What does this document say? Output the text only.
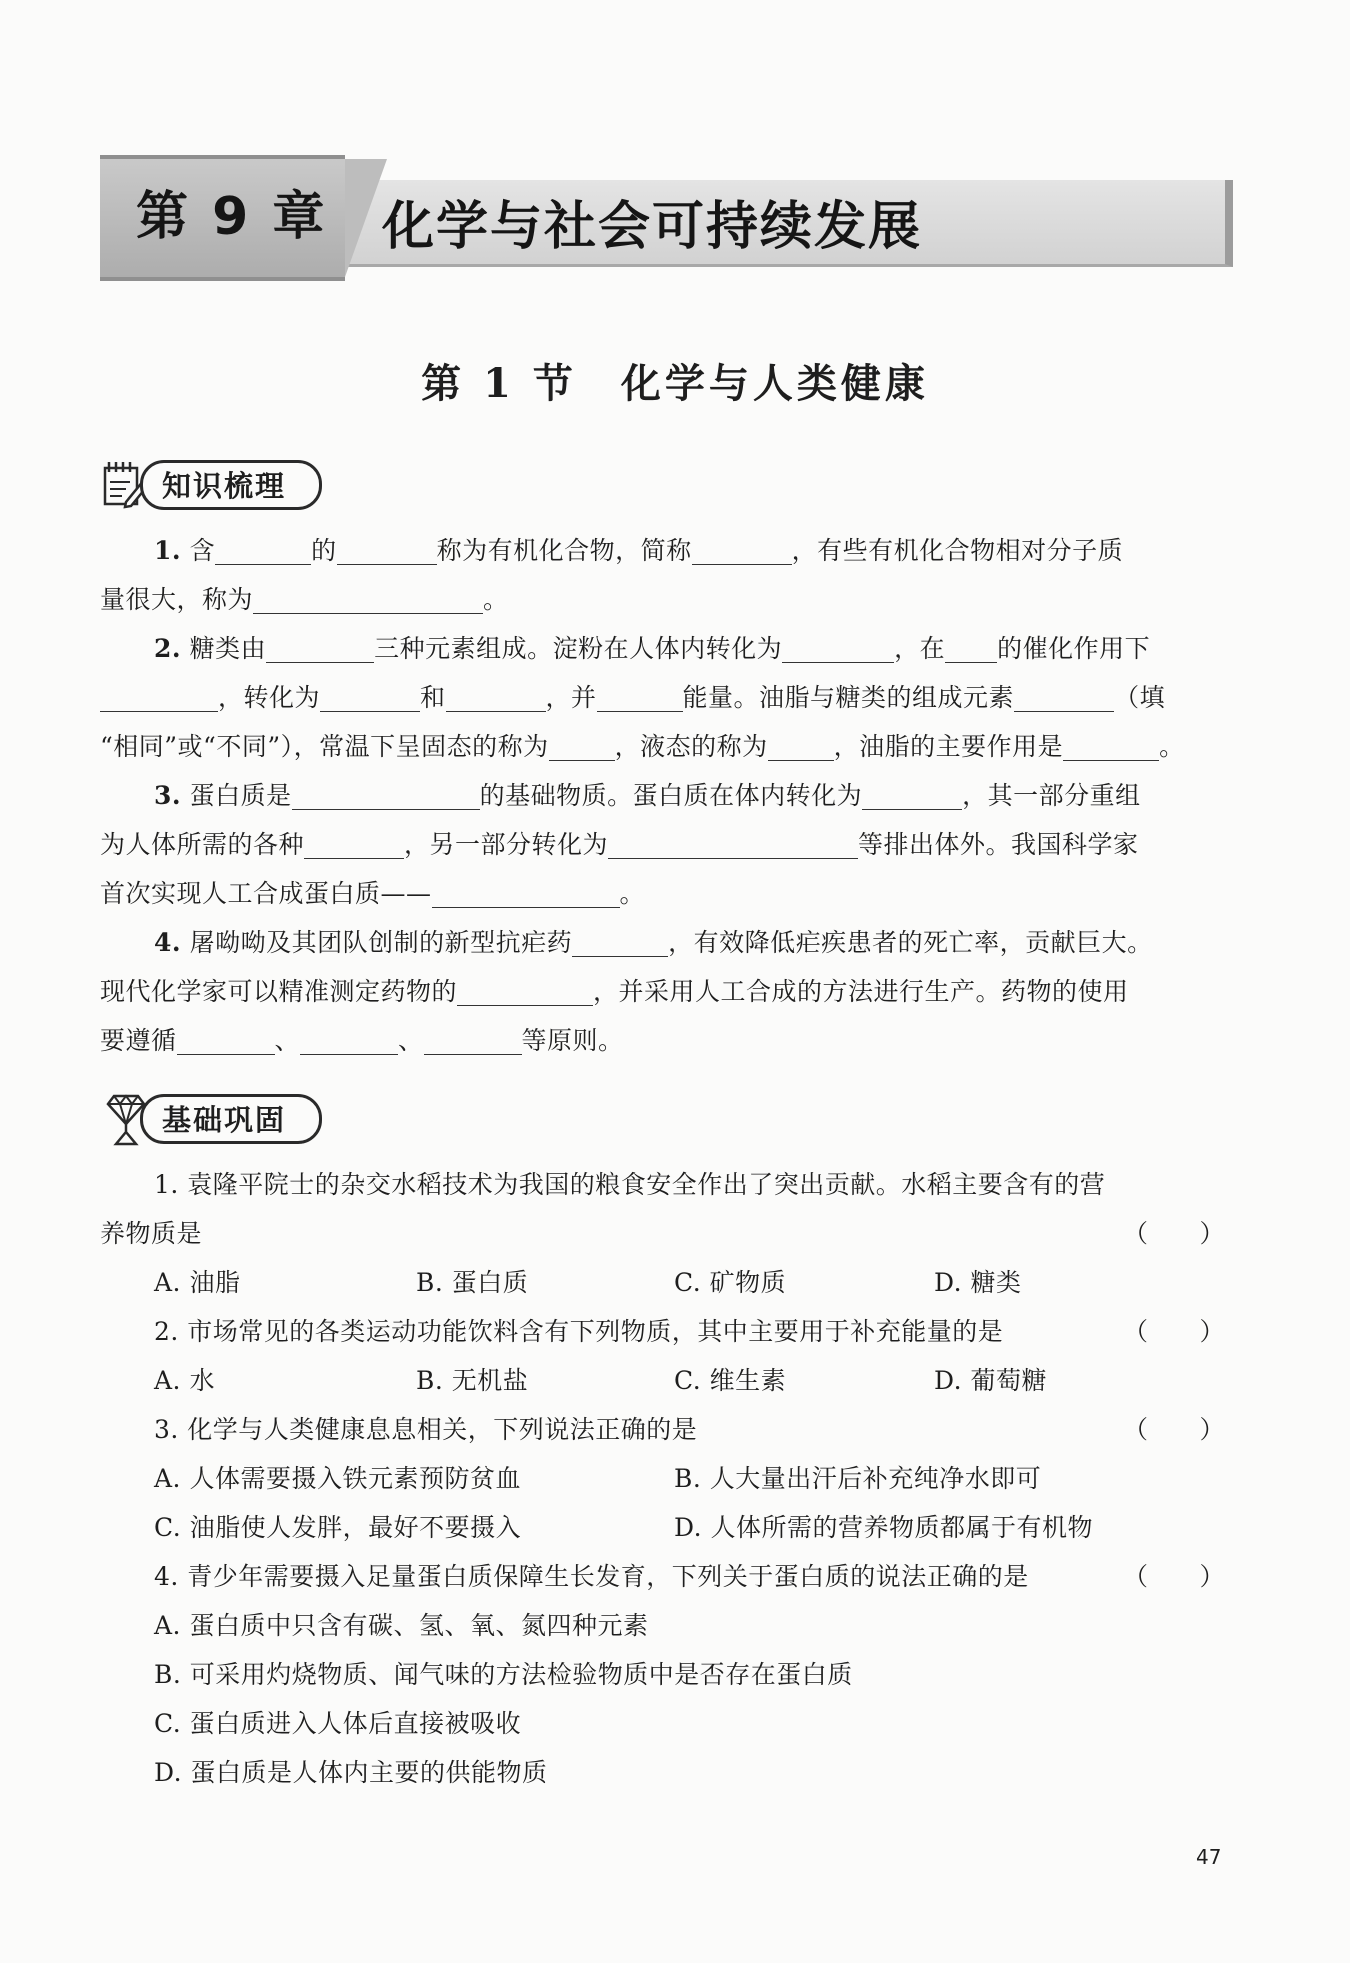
第 9 章 化学与社会可持续发展
第 1 节　化学与人类健康
知识梳理

1. 含	的	称为有机化合物，简称	，有些有机化合物相对分子质

量很大，称为	。

2. 糖类由	三种元素组成。淀粉在人体内转化为	，在 的催化作用下

，转化为	和	，并	能量。油脂与糖类的组成元素	（填

“相同”或“不同”），常温下呈固态的称为	，液态的称为	，油脂的主要作用是	。

3. 蛋白质是	的基础物质。蛋白质在体内转化为	，其一部分重组

为人体所需的各种	，另一部分转化为	等排出体外。我国科学家

首次实现人工合成蛋白质——	。

4. 屠呦呦及其团队创制的新型抗疟药	，有效降低疟疾患者的死亡率，贡献巨大。

现代化学家可以精准测定药物的	，并采用人工合成的方法进行生产。药物的使用

要遵循	、	、	等原则。

基础巩固
1. 袁隆平院士的杂交水稻技术为我国的粮食安全作出了突出贡献。水稻主要含有的营
养物质是	（　　）
A. 油脂	B. 蛋白质	C. 矿物质	D. 糖类
2. 市场常见的各类运动功能饮料含有下列物质，其中主要用于补充能量的是	（　　）
A. 水	B. 无机盐	C. 维生素	D. 葡萄糖
3. 化学与人类健康息息相关，下列说法正确的是	（　　）
A. 人体需要摄入铁元素预防贫血	B. 人大量出汗后补充纯净水即可
C. 油脂使人发胖，最好不要摄入	D. 人体所需的营养物质都属于有机物
4. 青少年需要摄入足量蛋白质保障生长发育，下列关于蛋白质的说法正确的是	（　　）
A. 蛋白质中只含有碳、氢、氧、氮四种元素
B. 可采用灼烧物质、闻气味的方法检验物质中是否存在蛋白质
C. 蛋白质进入人体后直接被吸收
D. 蛋白质是人体内主要的供能物质
47
